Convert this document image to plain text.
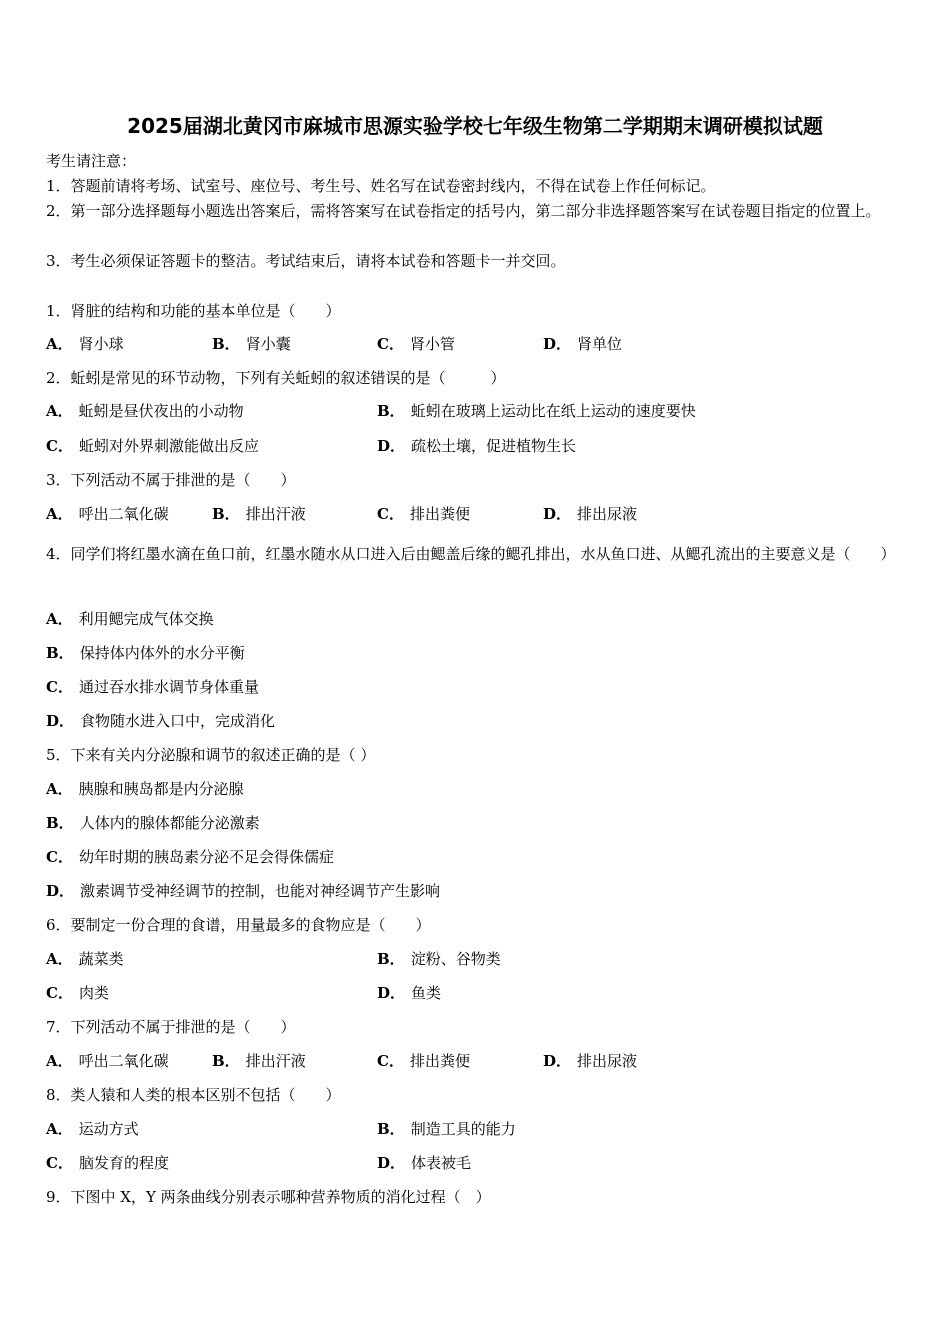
2025届湖北黄冈市麻城市思源实验学校七年级生物第二学期期末调研模拟试题
考生请注意：
1．答题前请将考场、试室号、座位号、考生号、姓名写在试卷密封线内，不得在试卷上作任何标记。
2．第一部分选择题每小题选出答案后，需将答案写在试卷指定的括号内，第二部分非选择题答案写在试卷题目指定的位置上。
3．考生必须保证答题卡的整洁。考试结束后，请将本试卷和答题卡一并交回。
1．肾脏的结构和功能的基本单位是（　　）
A． 肾小球	B． 肾小囊	C． 肾小管	D． 肾单位
2．蚯蚓是常见的环节动物，下列有关蚯蚓的叙述错误的是（　　　）
A． 蚯蚓是昼伏夜出的小动物	B． 蚯蚓在玻璃上运动比在纸上运动的速度要快
C． 蚯蚓对外界刺激能做出反应	D． 疏松土壤，促进植物生长
3．下列活动不属于排泄的是（　　）
A． 呼出二氧化碳	B． 排出汗液	C． 排出粪便	D． 排出尿液
4．同学们将红墨水滴在鱼口前，红墨水随水从口进入后由鳃盖后缘的鳃孔排出，水从鱼口进、从鳃孔流出的主要意义是（　　）
A． 利用鳃完成气体交换
B． 保持体内体外的水分平衡
C． 通过吞水排水调节身体重量
D． 食物随水进入口中，完成消化
5．下来有关内分泌腺和调节的叙述正确的是（ ）
A． 胰腺和胰岛都是内分泌腺
B． 人体内的腺体都能分泌激素
C． 幼年时期的胰岛素分泌不足会得侏儒症
D． 激素调节受神经调节的控制，也能对神经调节产生影响
6．要制定一份合理的食谱，用量最多的食物应是（　　）
A． 蔬菜类	B． 淀粉、谷物类
C． 肉类	D． 鱼类
7．下列活动不属于排泄的是（　　）
A． 呼出二氧化碳	B． 排出汗液	C． 排出粪便	D． 排出尿液
8．类人猿和人类的根本区别不包括（　　）
A． 运动方式	B． 制造工具的能力
C． 脑发育的程度	D． 体表被毛
9．下图中 X，Y 两条曲线分别表示哪种营养物质的消化过程（　）
